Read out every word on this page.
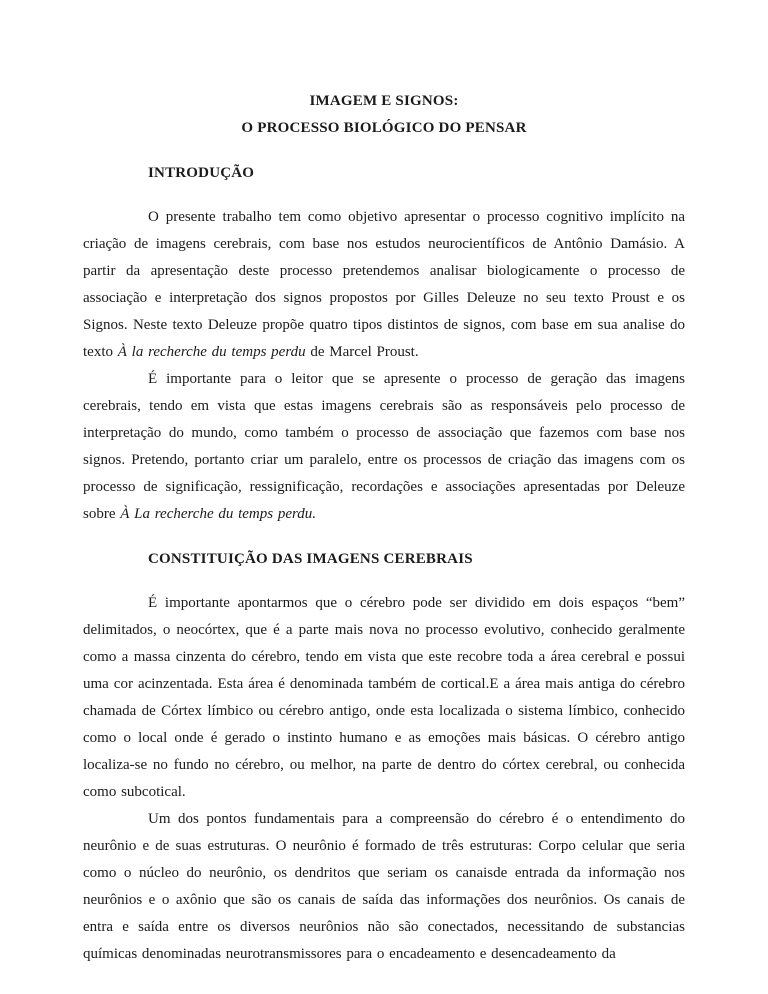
IMAGEM E SIGNOS:
O PROCESSO BIOLÓGICO DO PENSAR
INTRODUÇÃO

O presente trabalho tem como objetivo apresentar o processo cognitivo implícito na criação de imagens cerebrais, com base nos estudos neurocientíficos de Antônio Damásio. A partir da apresentação deste processo pretendemos analisar biologicamente o processo de associação e interpretação dos signos propostos por Gilles Deleuze no seu texto Proust e os Signos. Neste texto Deleuze propõe quatro tipos distintos de signos, com base em sua analise do texto À la recherche du temps perdu de Marcel Proust.

É importante para o leitor que se apresente o processo de geração das imagens cerebrais, tendo em vista que estas imagens cerebrais são as responsáveis pelo processo de interpretação do mundo, como também o processo de associação que fazemos com base nos signos. Pretendo, portanto criar um paralelo, entre os processos de criação das imagens com os processo de significação, ressignificação, recordações e associações apresentadas por Deleuze sobre À La recherche du temps perdu.

CONSTITUIÇÃO DAS IMAGENS CEREBRAIS

É importante apontarmos que o cérebro pode ser dividido em dois espaços “bem” delimitados, o neocórtex, que é a parte mais nova no processo evolutivo, conhecido geralmente como a massa cinzenta do cérebro, tendo em vista que este recobre toda a área cerebral e possui uma cor acinzentada. Esta área é denominada também de cortical.E a área mais antiga do cérebro chamada de Córtex límbico ou cérebro antigo, onde esta localizada o sistema límbico, conhecido como o local onde é gerado o instinto humano e as emoções mais básicas. O cérebro antigo localiza-se no fundo no cérebro, ou melhor, na parte de dentro do córtex cerebral, ou conhecida como subcotical.

Um dos pontos fundamentais para a compreensão do cérebro é o entendimento do neurônio e de suas estruturas. O neurônio é formado de três estruturas: Corpo celular que seria como o núcleo do neurônio, os dendritos que seriam os canaisde entrada da informação nos neurônios e o axônio que são os canais de saída das informações dos neurônios. Os canais de entra e saída entre os diversos neurônios não são conectados, necessitando de substancias químicas denominadas neurotransmissores para o encadeamento e desencadeamento da
